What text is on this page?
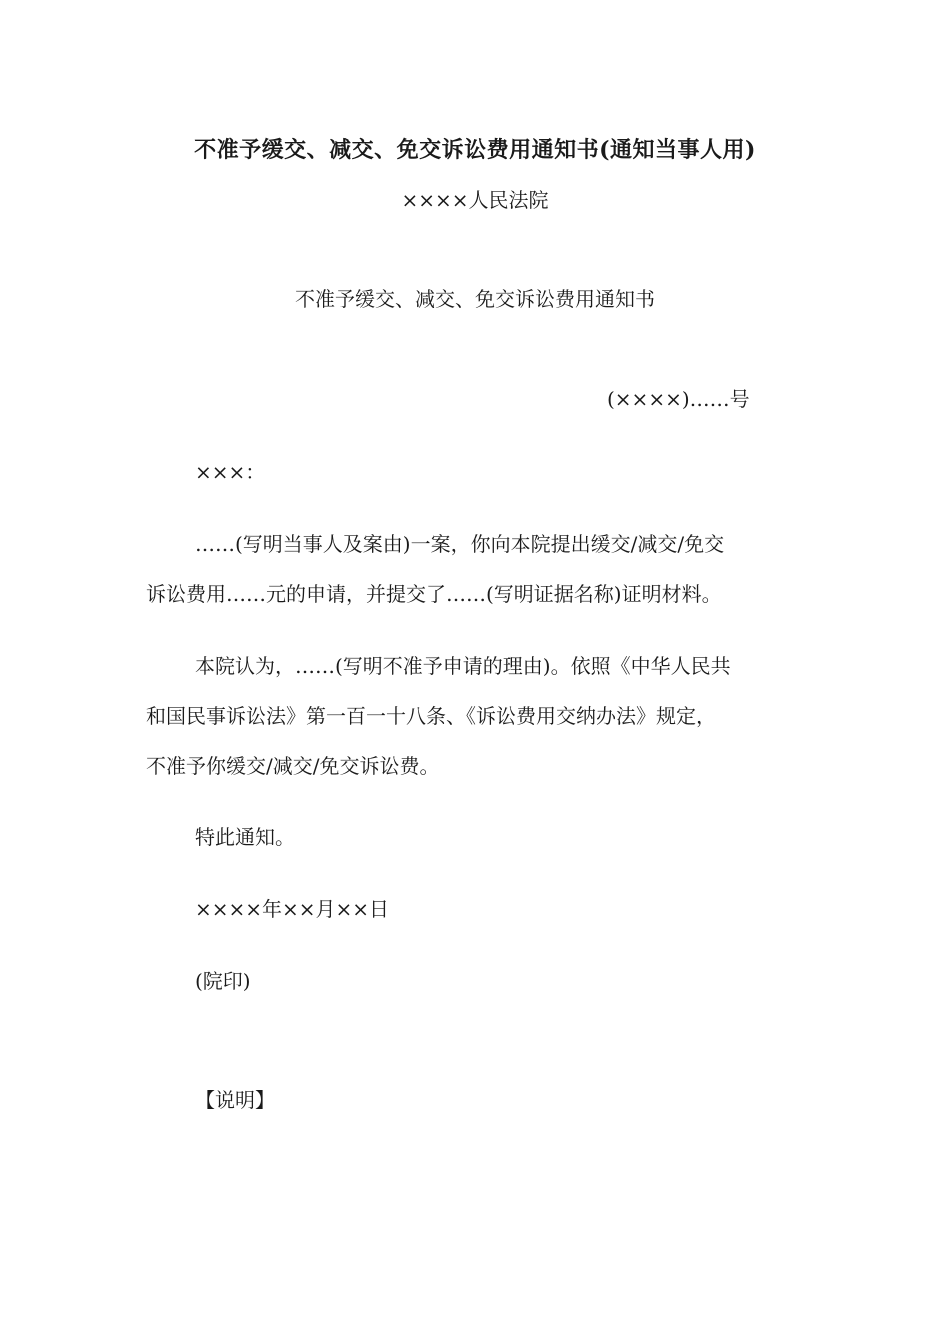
不准予缓交、减交、免交诉讼费用通知书(通知当事人用)
××××人民法院
不准予缓交、减交、免交诉讼费用通知书
(××××)……号
×××：
……(写明当事人及案由)一案，你向本院提出缓交/减交/免交
诉讼费用……元的申请，并提交了……(写明证据名称)证明材料。
本院认为，……(写明不准予申请的理由)。依照《中华人民共
和国民事诉讼法》第一百一十八条、《诉讼费用交纳办法》规定，
不准予你缓交/减交/免交诉讼费。
特此通知。
××××年××月××日
(院印)
【说明】
